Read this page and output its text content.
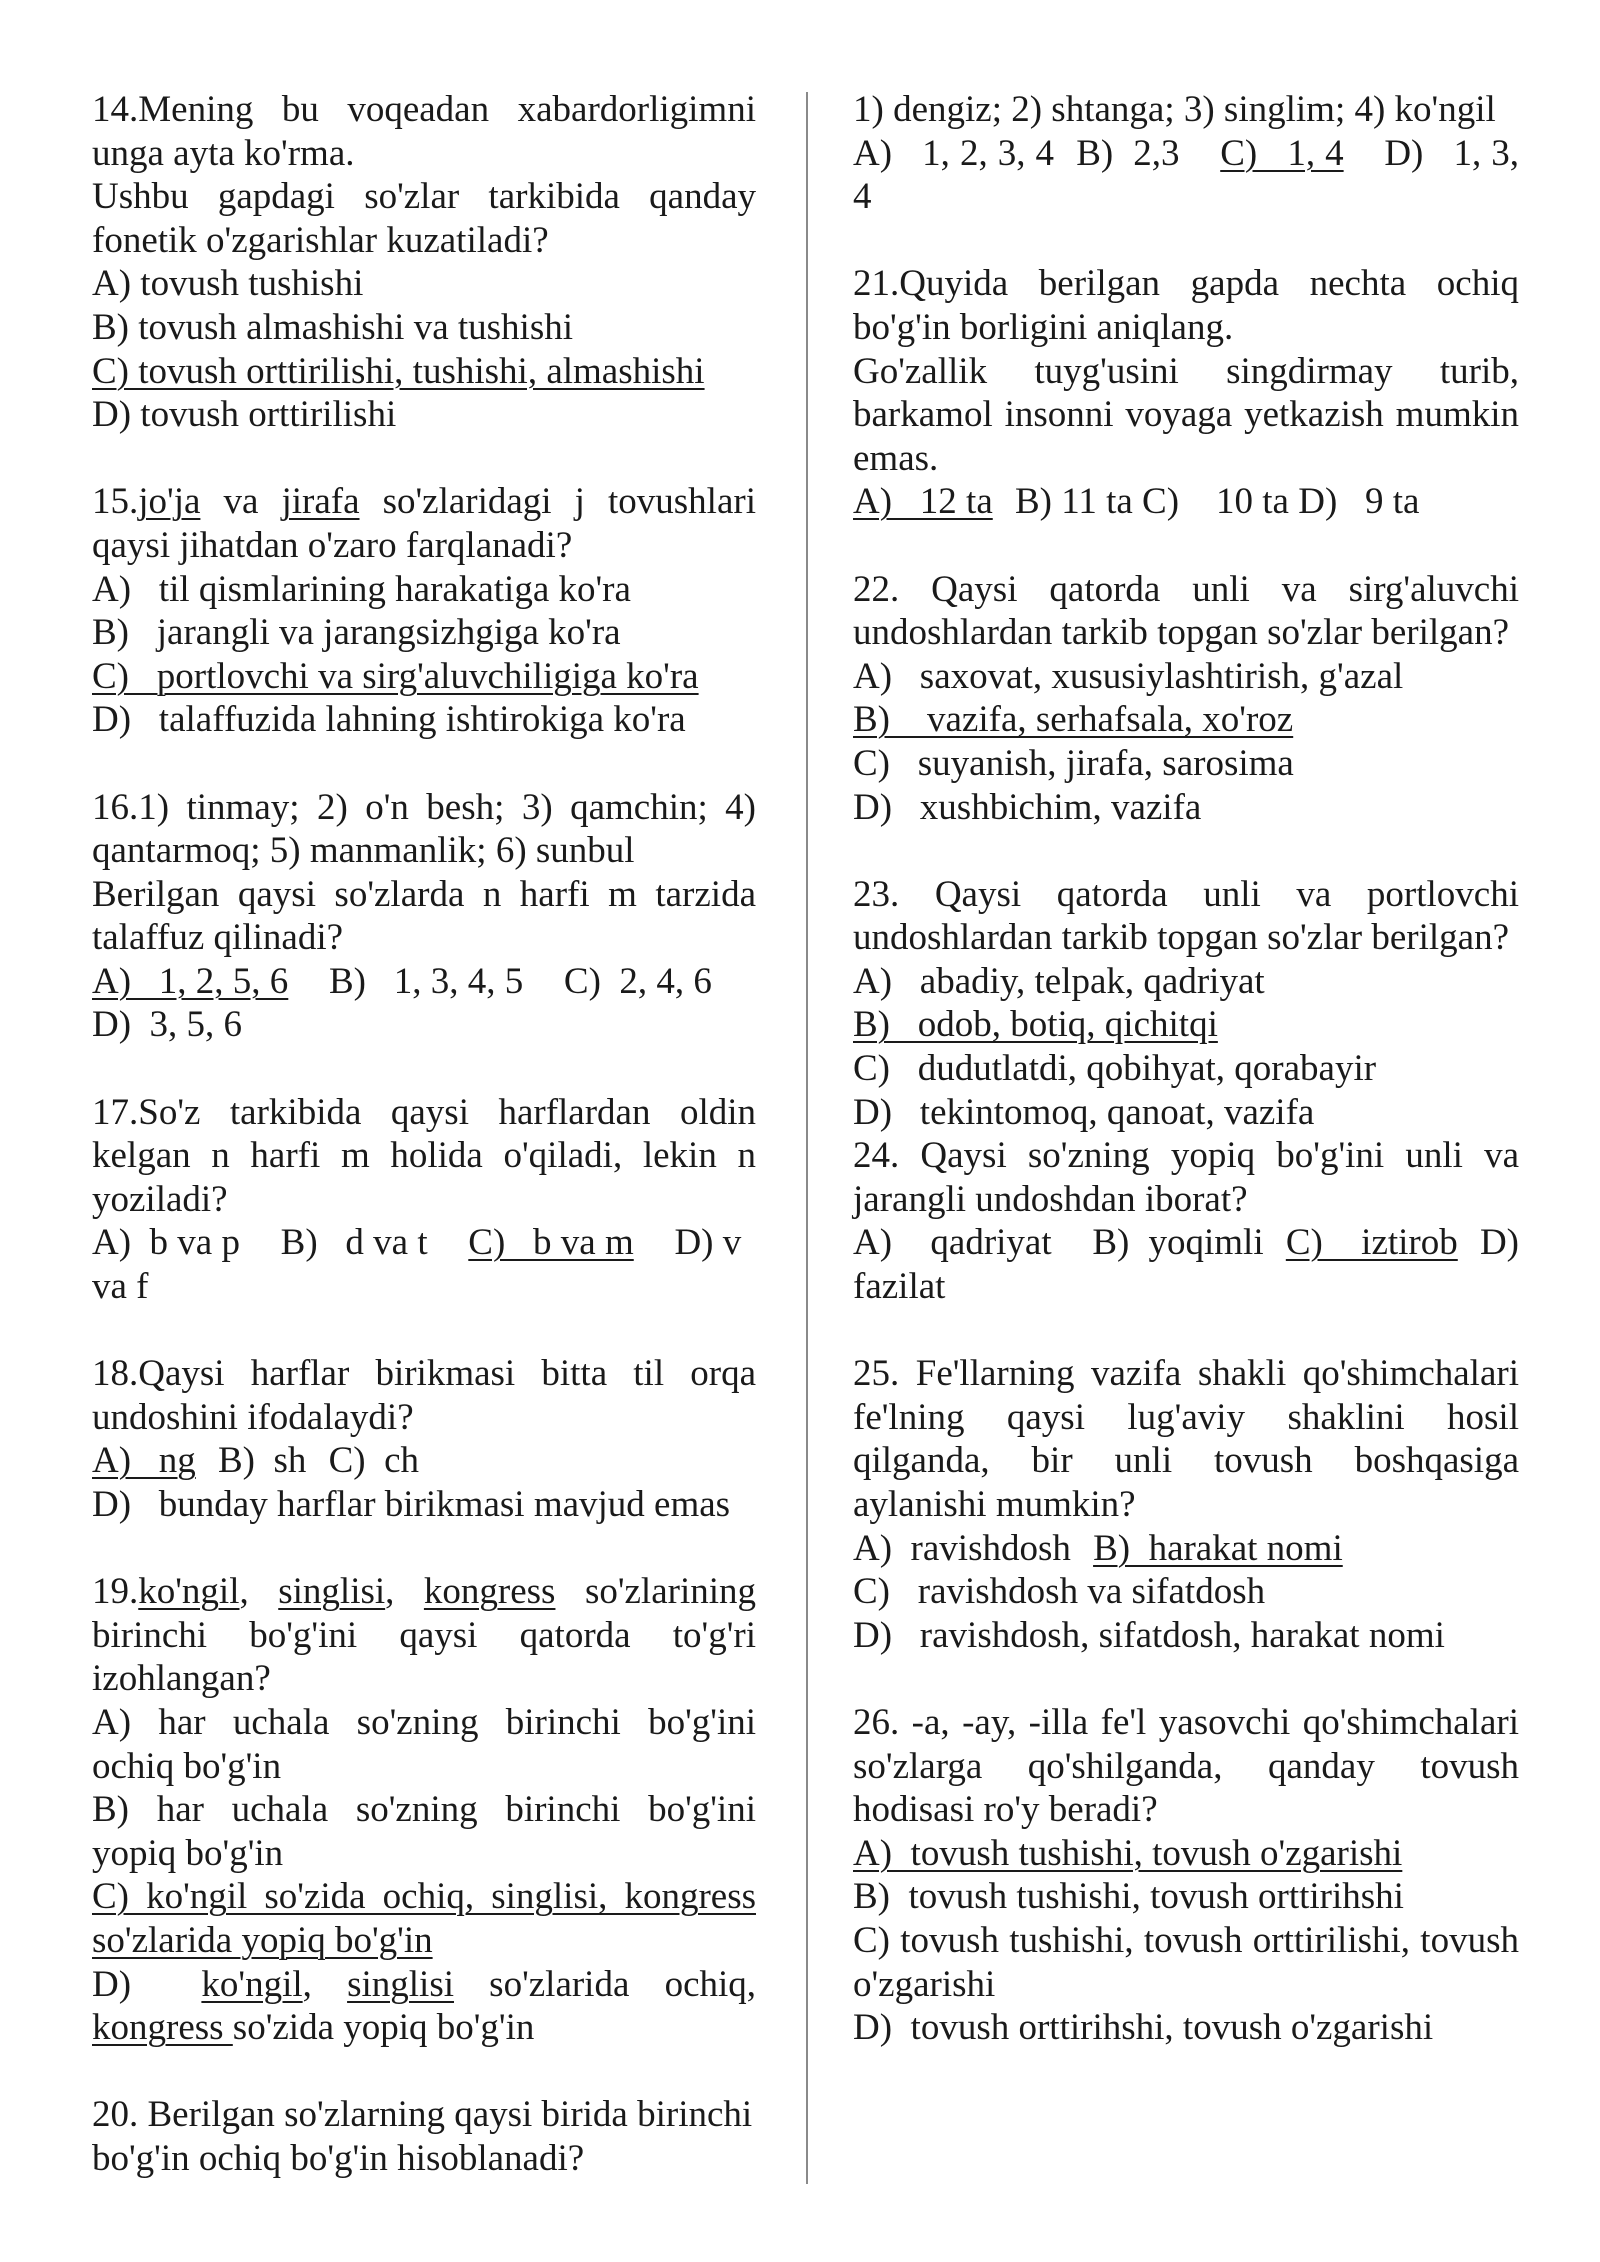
14.Mening bu voqeadan xabardorligimni unga ayta ko'rma.

Ushbu gapdagi so'zlar tarkibida qanday fonetik o'zgarishlar kuzatiladi?

A) tovush tushishi
B) tovush almashishi va tushishi
C) tovush orttirilishi, tushishi, almashishi
D) tovush orttirilishi

15.jo'ja va jirafa so'zlaridagi j tovushlari qaysi jihatdan o'zaro farqlanadi?

A)   til qismlarining harakatiga ko'ra
B)   jarangli va jarangsizhgiga ko'ra
C)   portlovchi va sirg'aluvchiligiga ko'ra
D)   talaffuzida lahning ishtirokiga ko'ra

16.1) tinmay; 2) o'n besh; 3) qamchin; 4) qantarmoq; 5) manmanlik; 6) sunbul

Berilgan qaysi so'zlarda n harfi m tarzida talaffuz qilinadi?

A)   1, 2, 5, 6 B)   1, 3, 4, 5 C)  2, 4, 6
D)  3, 5, 6

17.So'z tarkibida qaysi harflardan oldin kelgan n harfi m holida o'qiladi, lekin n yoziladi?

A)  b va p B)   d va t C)   b va m D) v va f

18.Qaysi harflar birikmasi bitta til orqa undoshini ifodalaydi?

A)   ng B)  sh C)  ch
D)   bunday harflar birikmasi mavjud emas

19.ko'ngil, singlisi, kongress so'zlarining birinchi bo'g'ini qaysi qatorda to'g'ri izohlangan?

A) har uchala so'zning birinchi bo'g'ini ochiq bo'g'in
B) har uchala so'zning birinchi bo'g'ini yopiq bo'g'in
C) ko'ngil so'zida ochiq, singlisi, kongress so'zlarida yopiq bo'g'in
D)  ko'ngil, singlisi so'zlarida ochiq, kongress so'zida yopiq bo'g'in

20. Berilgan so'zlarning qaysi birida birinchi bo'g'in ochiq bo'g'in hisoblanadi?

1) dengiz; 2) shtanga; 3) singlim; 4) ko'ngil

A)   1, 2, 3, 4 B)  2,3 C)   1, 4 D)   1, 3, 4

21.Quyida berilgan gapda nechta ochiq bo'g'in borligini aniqlang.

Go'zallik tuyg'usini singdirmay turib, barkamol insonni voyaga yetkazish mumkin emas.

A)   12 ta B) 11 ta C)    10 ta D)   9 ta

22. Qaysi qatorda unli va sirg'aluvchi undoshlardan tarkib topgan so'zlar berilgan?

A)   saxovat, xususiylashtirish, g'azal
B)    vazifa, serhafsala, xo'roz
C)   suyanish, jirafa, sarosima
D)   xushbichim, vazifa

23. Qaysi qatorda unli va portlovchi undoshlardan tarkib topgan so'zlar berilgan?

A)   abadiy, telpak, qadriyat
B)   odob, botiq, qichitqi
C)   dudutlatdi, qobihyat, qorabayir
D)   tekintomoq, qanoat, vazifa

24. Qaysi so'zning yopiq bo'g'ini unli va jarangli undoshdan iborat?

A)  qadriyat B) yoqimli C)  iztirob D) fazilat

25. Fe'llarning vazifa shakli qo'shimchalari fe'lning qaysi lug'aviy shaklini hosil qilganda, bir unli tovush boshqasiga aylanishi mumkin?

A)  ravishdosh B)  harakat nomi
C)   ravishdosh va sifatdosh
D)   ravishdosh, sifatdosh, harakat nomi

26. -a, -ay, -illa fe'l yasovchi qo'shimchalari so'zlarga qo'shilganda, qanday tovush hodisasi ro'y beradi?

A)  tovush tushishi, tovush o'zgarishi
B)  tovush tushishi, tovush orttirihshi
C) tovush tushishi, tovush orttirilishi, tovush o'zgarishi
D)  tovush orttirihshi, tovush o'zgarishi
